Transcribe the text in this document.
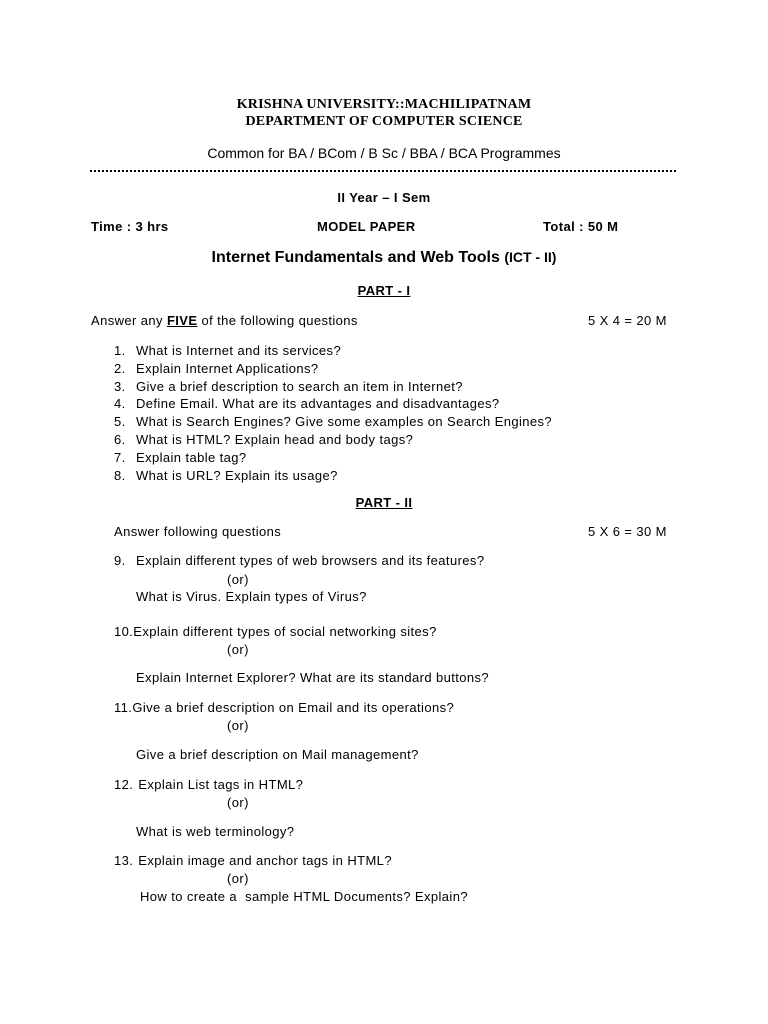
KRISHNA UNIVERSITY::MACHILIPATNAM
DEPARTMENT OF COMPUTER SCIENCE
Common for BA / BCom / B Sc / BBA / BCA Programmes
II Year – I Sem
Time : 3 hrs	MODEL PAPER	Total : 50 M
Internet Fundamentals and Web Tools (ICT - II)
PART - I
Answer any FIVE of the following questions	5 X 4 = 20 M
1. What is Internet and its services?
2. Explain Internet Applications?
3. Give a brief description to search an item in Internet?
4. Define Email. What are its advantages and disadvantages?
5. What is Search Engines? Give some examples on Search Engines?
6. What is HTML? Explain head and body tags?
7. Explain table tag?
8. What is URL? Explain its usage?
PART - II
Answer following questions	5 X 6 = 30 M
9. Explain different types of web browsers and its features?
(or)
What is Virus. Explain types of Virus?
10.Explain different types of social networking sites?
(or)
Explain Internet Explorer? What are its standard buttons?
11.Give a brief description on Email and its operations?
(or)
Give a brief description on Mail management?
12. Explain List tags in HTML?
(or)
What is web terminology?
13. Explain image and anchor tags in HTML?
(or)
How to create a  sample HTML Documents? Explain?
